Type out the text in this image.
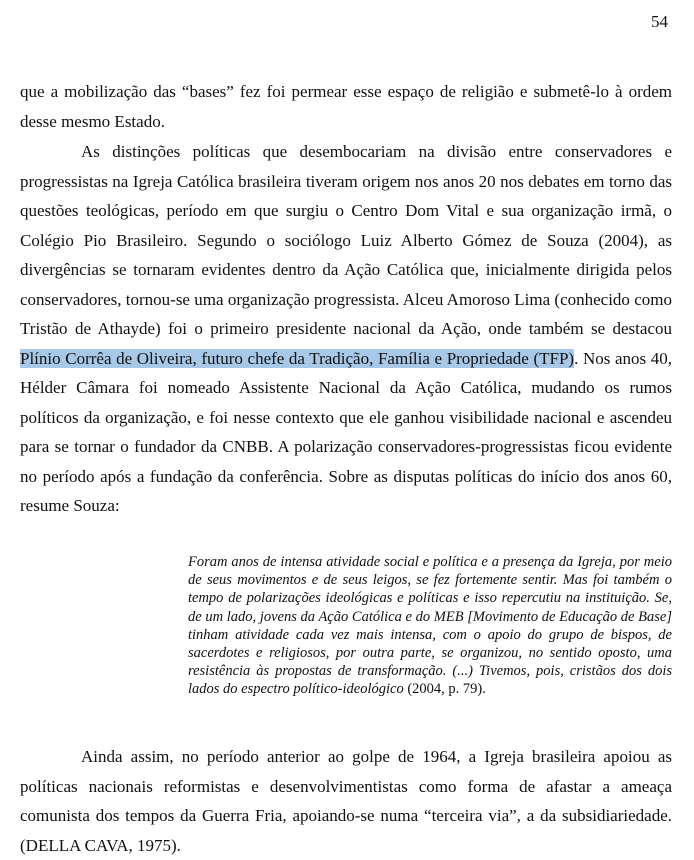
54

que a mobilização das “bases” fez foi permear esse espaço de religião e submetê-lo à ordem desse mesmo Estado.

As distinções políticas que desembocariam na divisão entre conservadores e progressistas na Igreja Católica brasileira tiveram origem nos anos 20 nos debates em torno das questões teológicas, período em que surgiu o Centro Dom Vital e sua organização irmã, o Colégio Pio Brasileiro. Segundo o sociólogo Luiz Alberto Gómez de Souza (2004), as divergências se tornaram evidentes dentro da Ação Católica que, inicialmente dirigida pelos conservadores, tornou-se uma organização progressista. Alceu Amoroso Lima (conhecido como Tristão de Athayde) foi o primeiro presidente nacional da Ação, onde também se destacou Plínio Corrêa de Oliveira, futuro chefe da Tradição, Família e Propriedade (TFP). Nos anos 40, Hélder Câmara foi nomeado Assistente Nacional da Ação Católica, mudando os rumos políticos da organização, e foi nesse contexto que ele ganhou visibilidade nacional e ascendeu para se tornar o fundador da CNBB. A polarização conservadores-progressistas ficou evidente no período após a fundação da conferência. Sobre as disputas políticas do início dos anos 60, resume Souza:

Foram anos de intensa atividade social e política e a presença da Igreja, por meio de seus movimentos e de seus leigos, se fez fortemente sentir. Mas foi também o tempo de polarizações ideológicas e políticas e isso repercutiu na instituição. Se, de um lado, jovens da Ação Católica e do MEB [Movimento de Educação de Base] tinham atividade cada vez mais intensa, com o apoio do grupo de bispos, de sacerdotes e religiosos, por outra parte, se organizou, no sentido oposto, uma resistência às propostas de transformação. (...) Tivemos, pois, cristãos dos dois lados do espectro político-ideológico (2004, p. 79).

Ainda assim, no período anterior ao golpe de 1964, a Igreja brasileira apoiou as políticas nacionais reformistas e desenvolvimentistas como forma de afastar a ameaça comunista dos tempos da Guerra Fria, apoiando-se numa “terceira via”, a da subsidiariedade. (DELLA CAVA, 1975).
